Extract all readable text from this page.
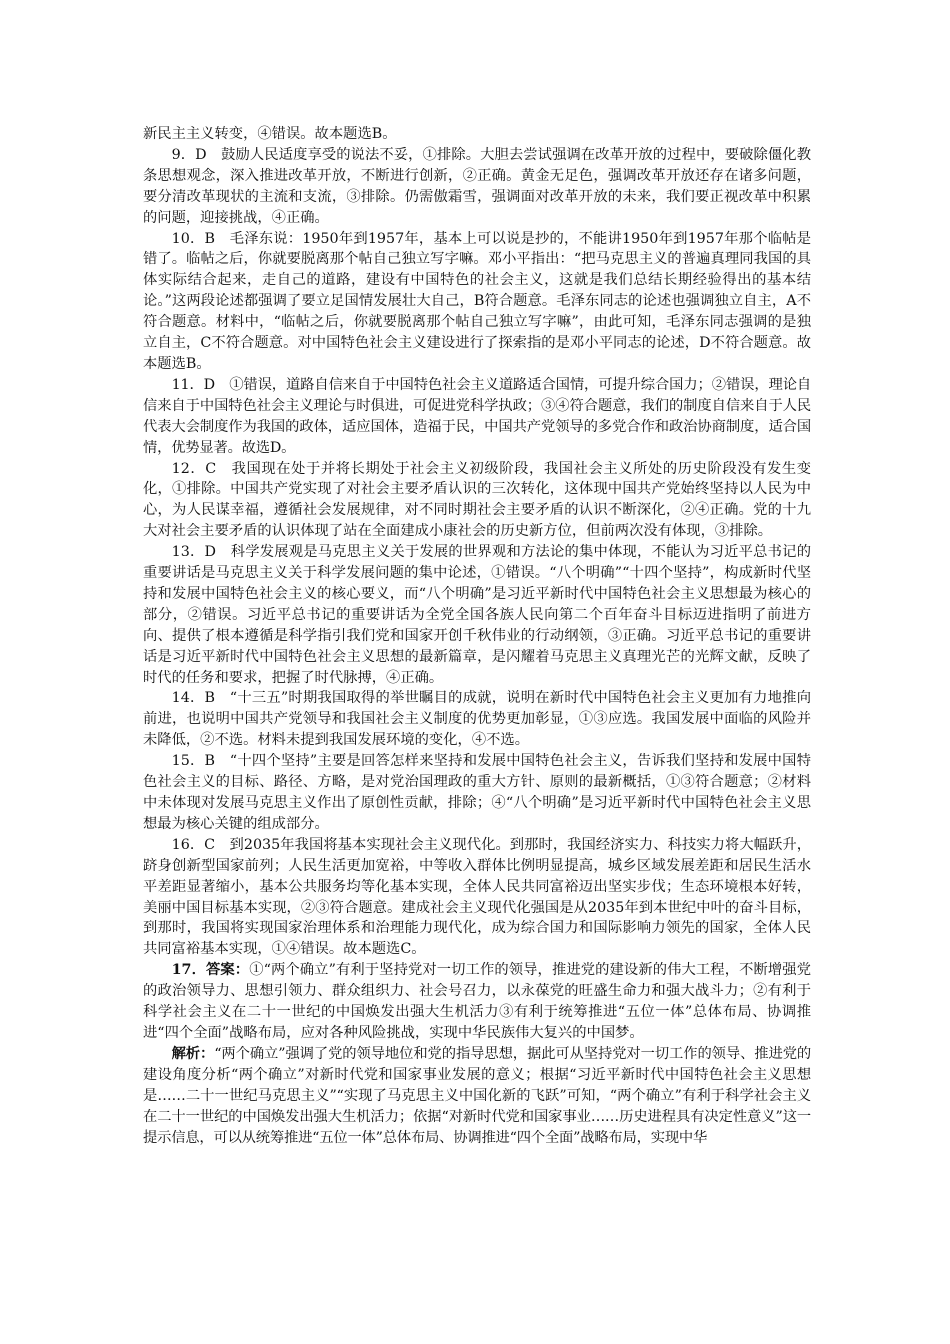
新民主主义转变，④错误。故本题选B。

9．D　鼓励人民适度享受的说法不妥，①排除。大胆去尝试强调在改革开放的过程中，要破除僵化教条思想观念，深入推进改革开放，不断进行创新，②正确。黄金无足色，强调改革开放还存在诸多问题，要分清改革现状的主流和支流，③排除。仍需傲霜雪，强调面对改革开放的未来，我们要正视改革中积累的问题，迎接挑战，④正确。

10．B　毛泽东说：1950年到1957年，基本上可以说是抄的，不能讲1950年到1957年那个临帖是错了。临帖之后，你就要脱离那个帖自己独立写字嘛。邓小平指出：“把马克思主义的普遍真理同我国的具体实际结合起来，走自己的道路，建设有中国特色的社会主义，这就是我们总结长期经验得出的基本结论。”这两段论述都强调了要立足国情发展壮大自己，B符合题意。毛泽东同志的论述也强调独立自主，A不符合题意。材料中，“临帖之后，你就要脱离那个帖自己独立写字嘛”，由此可知，毛泽东同志强调的是独立自主，C不符合题意。对中国特色社会主义建设进行了探索指的是邓小平同志的论述，D不符合题意。故本题选B。

11．D　①错误，道路自信来自于中国特色社会主义道路适合国情，可提升综合国力；②错误，理论自信来自于中国特色社会主义理论与时俱进，可促进党科学执政；③④符合题意，我们的制度自信来自于人民代表大会制度作为我国的政体，适应国体，造福于民，中国共产党领导的多党合作和政治协商制度，适合国情，优势显著。故选D。

12．C　我国现在处于并将长期处于社会主义初级阶段，我国社会主义所处的历史阶段没有发生变化，①排除。中国共产党实现了对社会主要矛盾认识的三次转化，这体现中国共产党始终坚持以人民为中心，为人民谋幸福，遵循社会发展规律，对不同时期社会主要矛盾的认识不断深化，②④正确。党的十九大对社会主要矛盾的认识体现了站在全面建成小康社会的历史新方位，但前两次没有体现，③排除。

13．D　科学发展观是马克思主义关于发展的世界观和方法论的集中体现，不能认为习近平总书记的重要讲话是马克思主义关于科学发展问题的集中论述，①错误。“八个明确”“十四个坚持”，构成新时代坚持和发展中国特色社会主义的核心要义，而“八个明确”是习近平新时代中国特色社会主义思想最为核心的部分，②错误。习近平总书记的重要讲话为全党全国各族人民向第二个百年奋斗目标迈进指明了前进方向、提供了根本遵循是科学指引我们党和国家开创千秋伟业的行动纲领，③正确。习近平总书记的重要讲话是习近平新时代中国特色社会主义思想的最新篇章，是闪耀着马克思主义真理光芒的光辉文献，反映了时代的任务和要求，把握了时代脉搏，④正确。

14．B　“十三五”时期我国取得的举世瞩目的成就，说明在新时代中国特色社会主义更加有力地推向前进，也说明中国共产党领导和我国社会主义制度的优势更加彰显，①③应选。我国发展中面临的风险并未降低，②不选。材料未提到我国发展环境的变化，④不选。

15．B　“十四个坚持”主要是回答怎样来坚持和发展中国特色社会主义，告诉我们坚持和发展中国特色社会主义的目标、路径、方略，是对党治国理政的重大方针、原则的最新概括，①③符合题意；②材料中未体现对发展马克思主义作出了原创性贡献，排除；④“八个明确”是习近平新时代中国特色社会主义思想最为核心关键的组成部分。

16．C　到2035年我国将基本实现社会主义现代化。到那时，我国经济实力、科技实力将大幅跃升，跻身创新型国家前列；人民生活更加宽裕，中等收入群体比例明显提高，城乡区域发展差距和居民生活水平差距显著缩小，基本公共服务均等化基本实现，全体人民共同富裕迈出坚实步伐；生态环境根本好转，美丽中国目标基本实现，②③符合题意。建成社会主义现代化强国是从2035年到本世纪中叶的奋斗目标，到那时，我国将实现国家治理体系和治理能力现代化，成为综合国力和国际影响力领先的国家，全体人民共同富裕基本实现，①④错误。故本题选C。

17．答案：①“两个确立”有利于坚持党对一切工作的领导，推进党的建设新的伟大工程，不断增强党的政治领导力、思想引领力、群众组织力、社会号召力，以永葆党的旺盛生命力和强大战斗力；②有利于科学社会主义在二十一世纪的中国焕发出强大生机活力③有利于统筹推进“五位一体”总体布局、协调推进“四个全面”战略布局，应对各种风险挑战，实现中华民族伟大复兴的中国梦。

解析：“两个确立”强调了党的领导地位和党的指导思想，据此可从坚持党对一切工作的领导、推进党的建设角度分析“两个确立”对新时代党和国家事业发展的意义；根据“习近平新时代中国特色社会主义思想是……二十一世纪马克思主义”“实现了马克思主义中国化新的飞跃”可知，“两个确立”有利于科学社会主义在二十一世纪的中国焕发出强大生机活力；依据“对新时代党和国家事业……历史进程具有决定性意义”这一提示信息，可以从统筹推进“五位一体”总体布局、协调推进“四个全面”战略布局，实现中华
